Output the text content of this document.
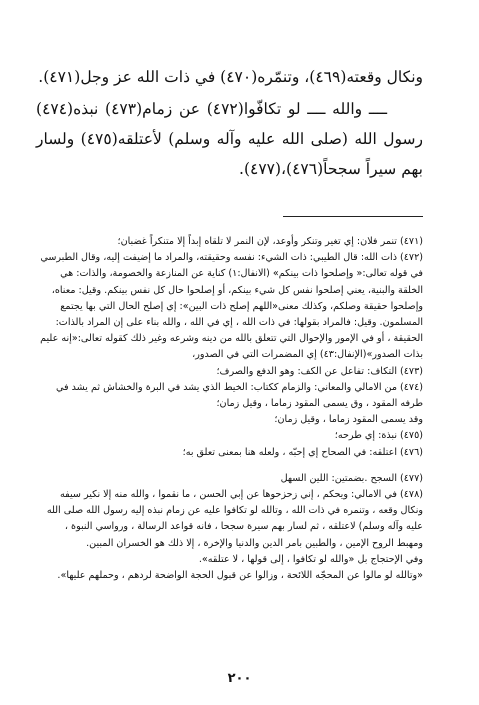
ونكال وقعته(٤٦٩)، وتنمّره(٤٧٠) في ذات الله عز وجل(٤٧١).

ــــ والله ــــ لو تكافّوا(٤٧٢) عن زمام(٤٧٣) نبذه(٤٧٤) رسول الله (صلى الله عليه وآله وسلم) لأعتلقه(٤٧٥) ولسار بهم سيراً سجحاً(٤٧٦)،(٤٧٧).

(٤٧١) تنمر فلان: إي تغير وتنكر وأوعد، لإن النمر لا تلقاه إبداً إلا متنكراً غضبان؛

(٤٧٢) ذات الله: قال الطيبي: ذات الشيء: نفسه وحقيقته، والمراد ما إضيفت إليه، وقال الطبرسي في قوله تعالى:« وإصلحوا ذات بينكم» (الانفال:١) كناية عن المنازعة والخصومة، والذات: هي الخلقة والبنية، يعني إصلحوا نفس كل شيء بينكم، أو إصلحوا حال كل نفس بينكم. وقيل: معناه، وإصلحوا حقيقة وصلكم، وكذلك معنى«اللهم إصلح ذات البين»: إي إصلح الحال التي بها يجتمع المسلمون. وقيل: فالمراد بقولها: في ذات الله ، إي في الله ، والله بناء على إن المراد بالذات: الحقيقة ، أو في الإمور والإحوال التي تتعلق بالله من دينه وشرعه وغير ذلك كقوله تعالى:«إنه عليم بذات الصدور»(الإنفال:٤٣) إي المضمرات التي في الصدور،

(٤٧٣) التكاف: تفاعل عن الكف: وهو الدفع والصرف؛

(٤٧٤) من الامالي والمعاني: والزمام ككتاب: الخيط الذي يشد في البرة والخشاش ثم يشد في طرفه المقود ، وق يسمى المقود زماما ، وقيل زمان؛

وقد يسمى المقود زماما ، وقيل زمان؛

(٤٧٥) نبذة: إي طرحه؛

(٤٧٦) اعتلقه: في الصحاح إي إحبّه ، ولعله هنا بمعنى تعلق به؛

(٤٧٧) السجح .بضمتين: اللين السهل

(٤٧٨) في الامالي: ويحكم ، إني زحزحوها عن إبي الحسن ، ما نقموا ، والله منه إلا نكير سيفه ونكال وقعه ، وتنمره في ذات الله ، وتالله لو تكافوا عليه عن زمام نبذه إليه رسول الله صلى الله عليه وآله وسلم) لاعتلقه ، ثم لسار بهم سيرة سجحا ، فانه قواعد الرسالة ، ورواسي النبوة ، ومهبط الروح الإمين ، والطبين بامر الدين والدنيا والإخرة ، إلا ذلك هو الخسران المبين.

وفي الإحتجاج بل «والله لو تكافوا ، إلى قولها ، لا عتلقه».

«وتالله لو مالوا عن المحجّه اللائحة ، وزالوا عن قبول الحجة الواضحة لردهم ، وحملهم عليها».

٢٠٠
